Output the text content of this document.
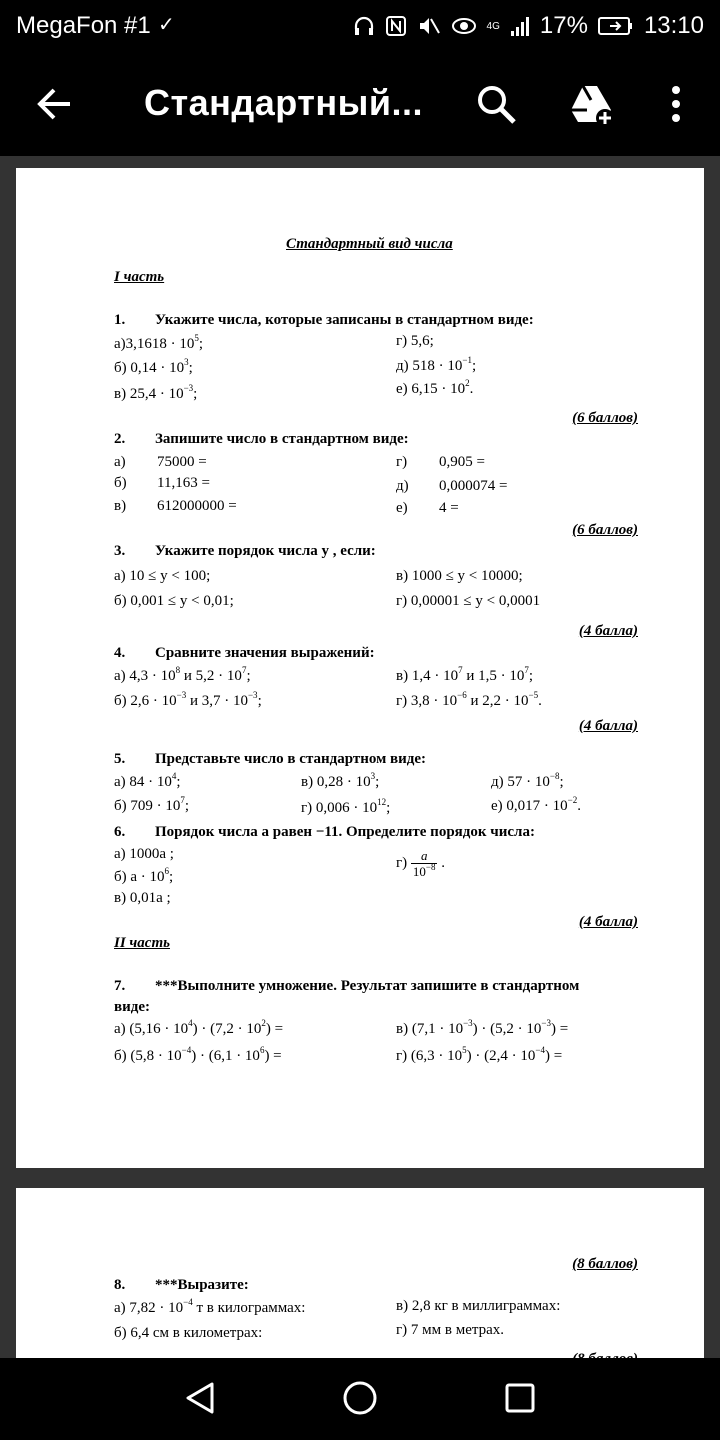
MegaFon #1 ✓	4G 17% 13:10
Стандартный...
Стандартный вид числа
I часть
1. Укажите числа, которые записаны в стандартном виде:
$а)3,1618 \cdot 10^5$;
б) $0,14 \cdot 10^3$;
в) $25,4 \cdot 10^{-3}$;
г) 5,6;
д) $518 \cdot 10^{-1}$;
е) $6,15 \cdot 10^2$.
(6 баллов)
2. Запишите число в стандартном виде:
а) 75000 =
б) 11,163 =
в) 612000000 =
г) 0,905 =
д) 0,000074 =
е) 4 =
(6 баллов)
3. Укажите порядок числа y , если:
а) 10 ≤ y < 100;
б) 0,001 ≤ y < 0,01;
в) 1000 ≤ y < 10000;
г) 0,00001 ≤ y < 0,0001
(4 балла)
4. Сравните значения выражений:
а) $4,3 \cdot 10^8$ и $5,2 \cdot 10^7$;
б) $2,6 \cdot 10^{-3}$ и $3,7 \cdot 10^{-3}$;
в) $1,4 \cdot 10^7$ и $1,5 \cdot 10^7$;
г) $3,8 \cdot 10^{-6}$ и $2,2 \cdot 10^{-5}$.
(4 балла)
5. Представьте число в стандартном виде:
а) $84 \cdot 10^4$;
б) $709 \cdot 10^7$;
в) $0,28 \cdot 10^3$;
г) $0,006 \cdot 10^{12}$;
д) $57 \cdot 10^{-8}$;
е) $0,017 \cdot 10^{-2}$.
6. Порядок числа a равен −11. Определите порядок числа:
а) 1000a ;
б) $a \cdot 10^6$;
в) 0,01a ;
$г) \frac{a}{10^{-8}}$ .
(4 балла)
II часть
7. ***Выполните умножение. Результат запишите в стандартном
виде:
а) $(5,16 \cdot 10^4) \cdot (7,2 \cdot 10^2)$ =
б) $(5,8 \cdot 10^{-4}) \cdot (6,1 \cdot 10^6)$ =
в) $(7,1 \cdot 10^{-3}) \cdot (5,2 \cdot 10^{-3})$ =
г) $(6,3 \cdot 10^5) \cdot (2,4 \cdot 10^{-4})$ =
(8 баллов)
8. ***Выразите:
а) $7,82 \cdot 10^{-4}$ т в килограммах:
б) 6,4 см в километрах:
в) 2,8 кг в миллиграммах:
г) 7 мм в метрах.
